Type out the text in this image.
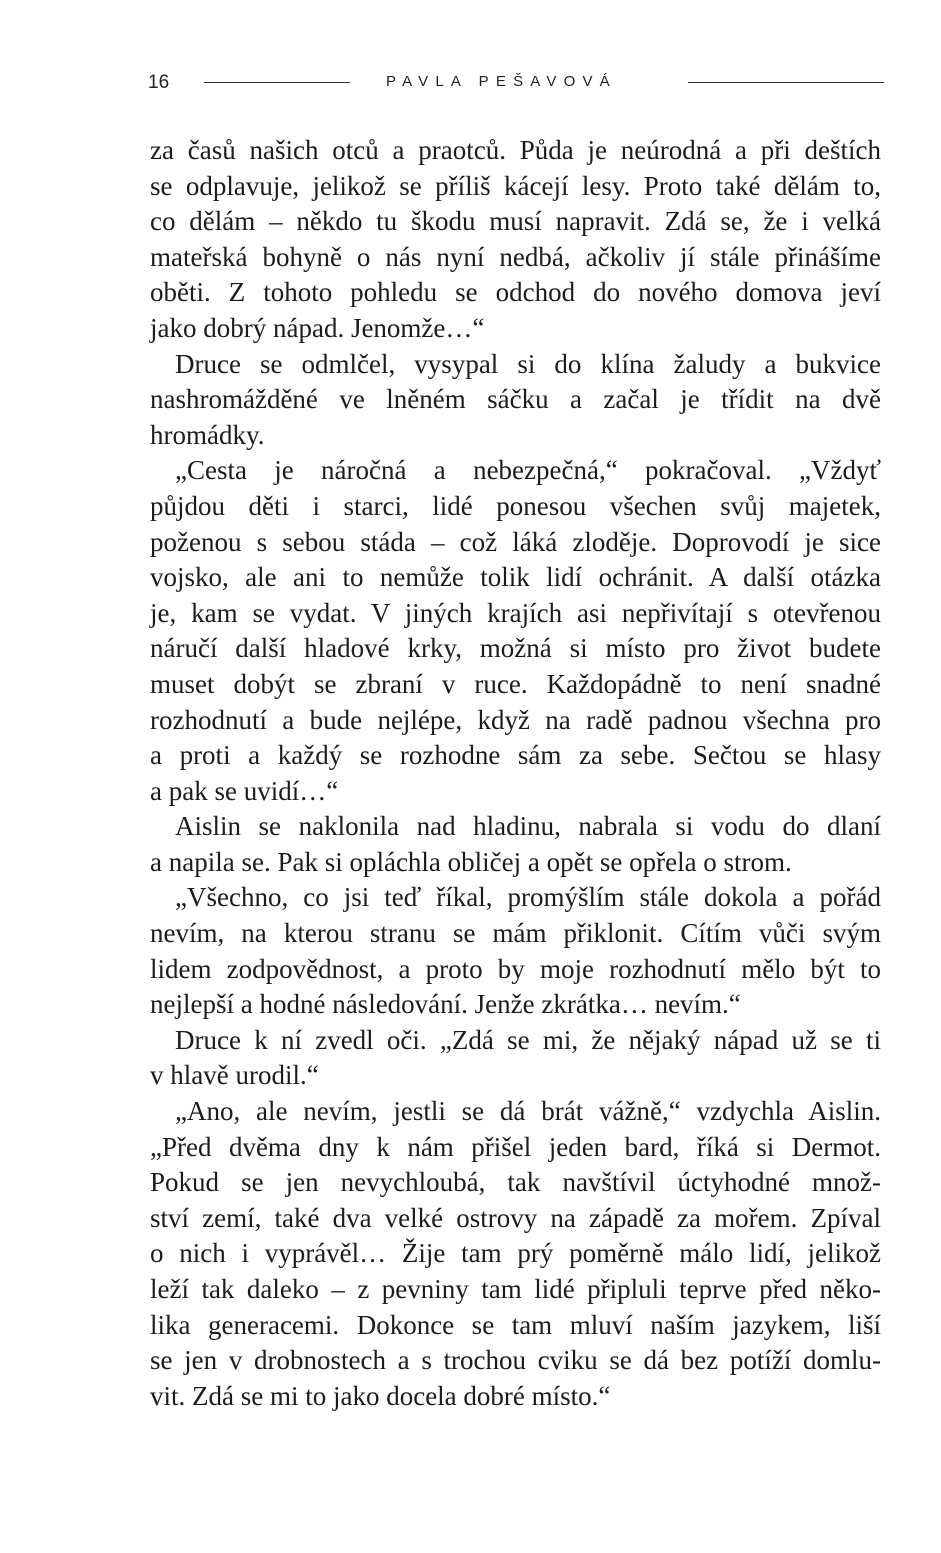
16	PAVLA PEŠAVOVÁ
za časů našich otců a praotců. Půda je neúrodná a při deštích
se odplavuje, jelikož se příliš kácejí lesy. Proto také dělám to,
co dělám – někdo tu škodu musí napravit. Zdá se, že i velká
mateřská bohyně o nás nyní nedbá, ačkoliv jí stále přinášíme
oběti. Z tohoto pohledu se odchod do nového domova jeví
jako dobrý nápad. Jenomže…“
Druce se odmlčel, vysypal si do klína žaludy a bukvice
nashromážděné ve lněném sáčku a začal je třídit na dvě
hromádky.
„Cesta je náročná a nebezpečná,“ pokračoval. „Vždyť
půjdou děti i starci, lidé ponesou všechen svůj majetek,
poženou s sebou stáda – což láká zloděje. Doprovodí je sice
vojsko, ale ani to nemůže tolik lidí ochránit. A další otázka
je, kam se vydat. V jiných krajích asi nepřivítají s otevřenou
náručí další hladové krky, možná si místo pro život budete
muset dobýt se zbraní v ruce. Každopádně to není snadné
rozhodnutí a bude nejlépe, když na radě padnou všechna pro
a proti a každý se rozhodne sám za sebe. Sečtou se hlasy
a pak se uvidí…“
Aislin se naklonila nad hladinu, nabrala si vodu do dlaní
a napila se. Pak si opláchla obličej a opět se opřela o strom.
„Všechno, co jsi teď říkal, promýšlím stále dokola a pořád
nevím, na kterou stranu se mám přiklonit. Cítím vůči svým
lidem zodpovědnost, a proto by moje rozhodnutí mělo být to
nejlepší a hodné následování. Jenže zkrátka… nevím.“
Druce k ní zvedl oči. „Zdá se mi, že nějaký nápad už se ti
v hlavě urodil.“
„Ano, ale nevím, jestli se dá brát vážně,“ vzdychla Aislin.
„Před dvěma dny k nám přišel jeden bard, říká si Dermot.
Pokud se jen nevychloubá, tak navštívil úctyhodné množ-
ství zemí, také dva velké ostrovy na západě za mořem. Zpíval
o nich i vyprávěl… Žije tam prý poměrně málo lidí, jelikož
leží tak daleko – z pevniny tam lidé připluli teprve před něko-
lika generacemi. Dokonce se tam mluví naším jazykem, liší
se jen v drobnostech a s trochou cviku se dá bez potíží domlu-
vit. Zdá se mi to jako docela dobré místo.“
